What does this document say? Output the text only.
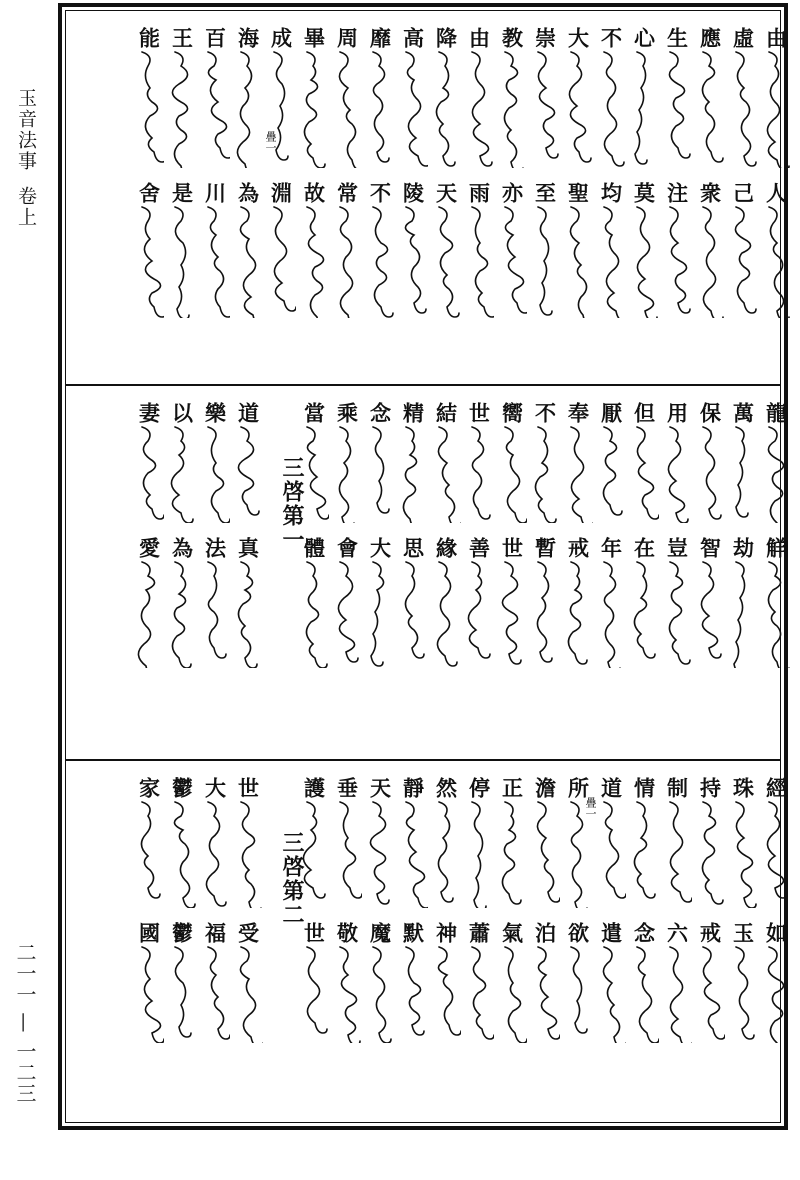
玉音法事卷上
二一一 — 一二三
由
人
虛
己
應
衆
生
注
心
莫
不
均
大
聖
崇
至
教
亦
由
雨
降
天
高
陵
靡
不
周
常
畢
故
成
淵
海
為
百
川
王
是
能
舍
疊一
龍
觧
萬
劫
保
智
用
豈
但
在
厭
年
奉
戒
不
暫
嚮
世
世
善
結
緣
精
思
念
大
乘
會
當
體
三啓第一
道
真
樂
法
以
為
妻
愛
經
如
珠
玉
持
戒
制
六
情
念
道
遣
所
欲
澹
泊
正
氣
停
蕭
然
神
靜
默
天
魔
垂
敬
護
世
三啓第二
世
受
大
福
鬱
鬱
家
國
疊一
